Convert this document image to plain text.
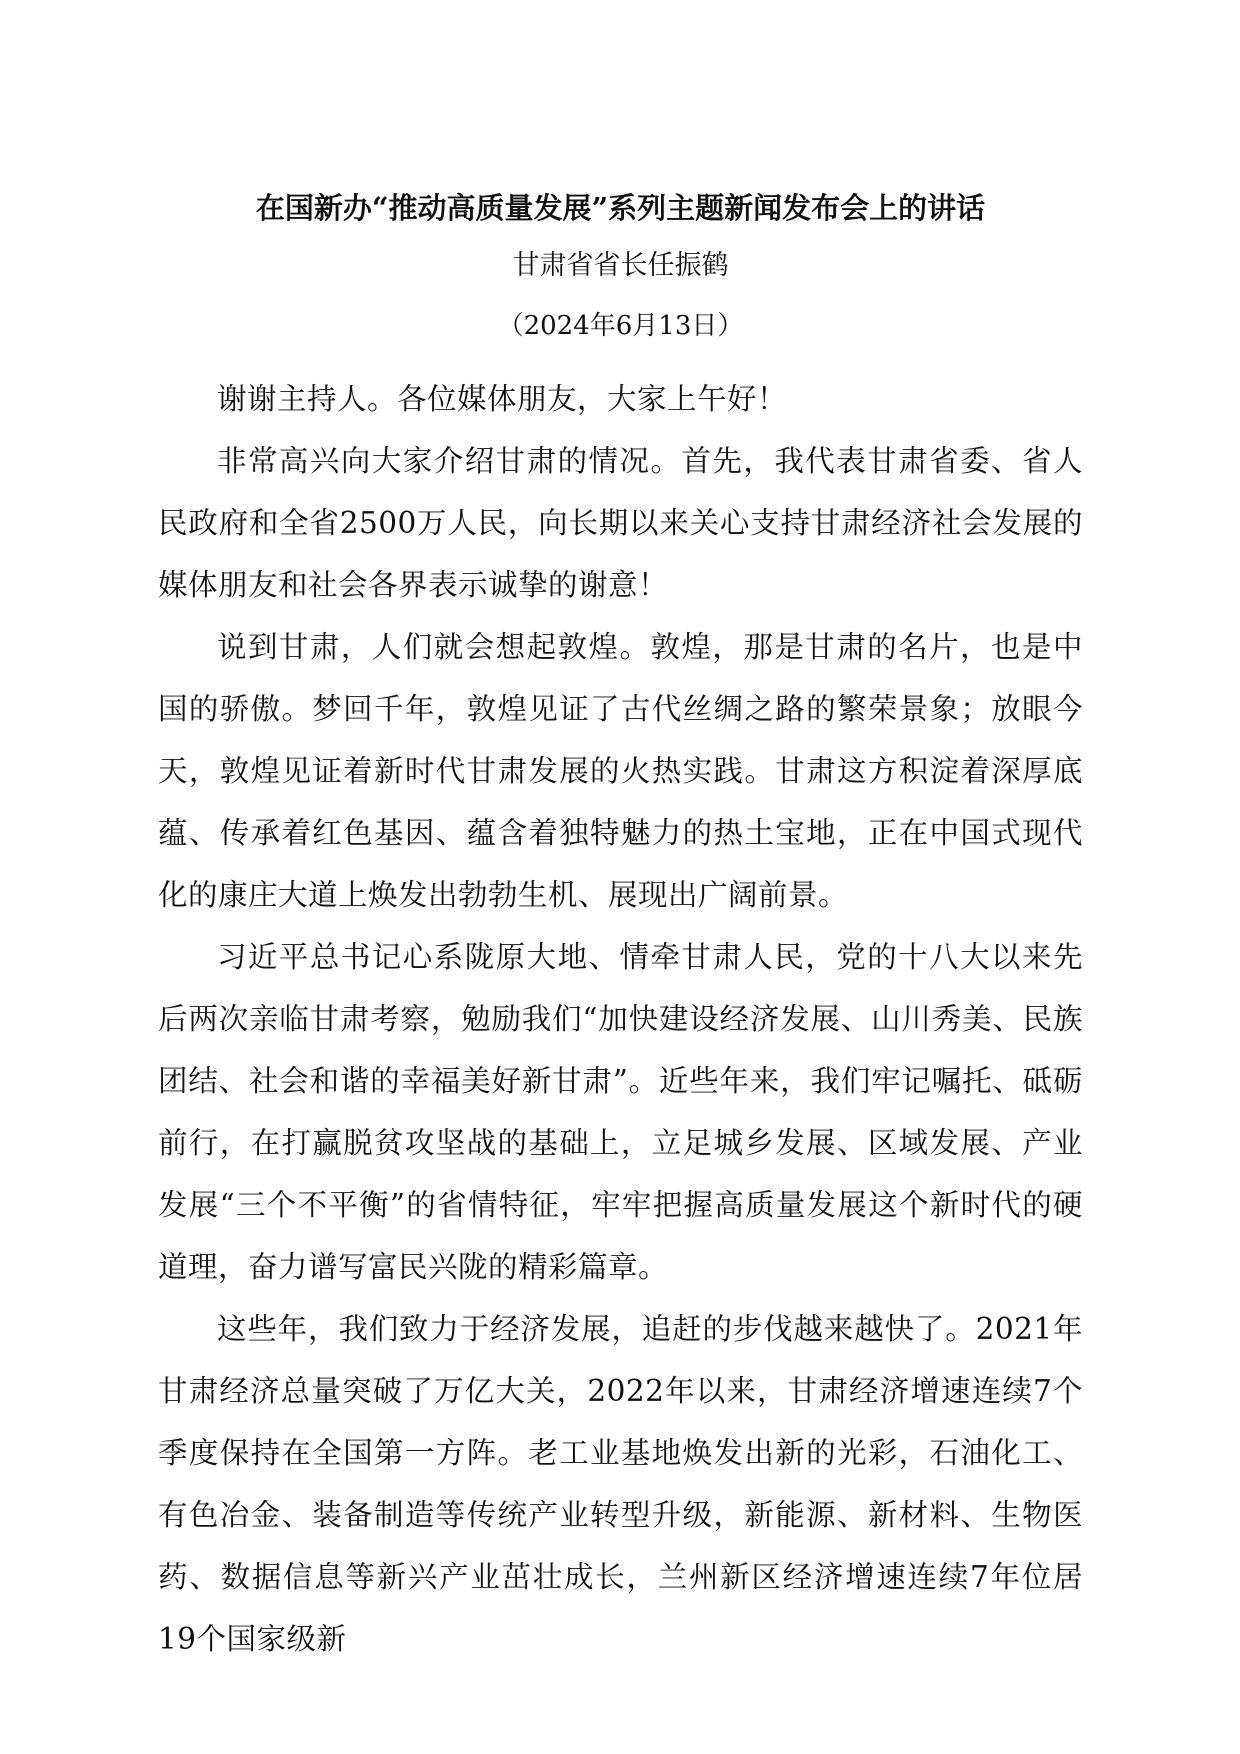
在国新办“推动高质量发展”系列主题新闻发布会上的讲话
甘肃省省长任振鹤
（2024年6月13日）

谢谢主持人。各位媒体朋友，大家上午好！

非常高兴向大家介绍甘肃的情况。首先，我代表甘肃省委、省人民政府和全省2500万人民，向长期以来关心支持甘肃经济社会发展的媒体朋友和社会各界表示诚挚的谢意！

说到甘肃，人们就会想起敦煌。敦煌，那是甘肃的名片，也是中国的骄傲。梦回千年，敦煌见证了古代丝绸之路的繁荣景象；放眼今天，敦煌见证着新时代甘肃发展的火热实践。甘肃这方积淀着深厚底蕴、传承着红色基因、蕴含着独特魅力的热土宝地，正在中国式现代化的康庄大道上焕发出勃勃生机、展现出广阔前景。

习近平总书记心系陇原大地、情牵甘肃人民，党的十八大以来先后两次亲临甘肃考察，勉励我们“加快建设经济发展、山川秀美、民族团结、社会和谐的幸福美好新甘肃”。近些年来，我们牢记嘱托、砥砺前行，在打赢脱贫攻坚战的基础上，立足城乡发展、区域发展、产业发展“三个不平衡”的省情特征，牢牢把握高质量发展这个新时代的硬道理，奋力谱写富民兴陇的精彩篇章。

这些年，我们致力于经济发展，追赶的步伐越来越快了。2021年甘肃经济总量突破了万亿大关，2022年以来，甘肃经济增速连续7个季度保持在全国第一方阵。老工业基地焕发出新的光彩，石油化工、有色冶金、装备制造等传统产业转型升级，新能源、新材料、生物医药、数据信息等新兴产业茁壮成长，兰州新区经济增速连续7年位居19个国家级新
